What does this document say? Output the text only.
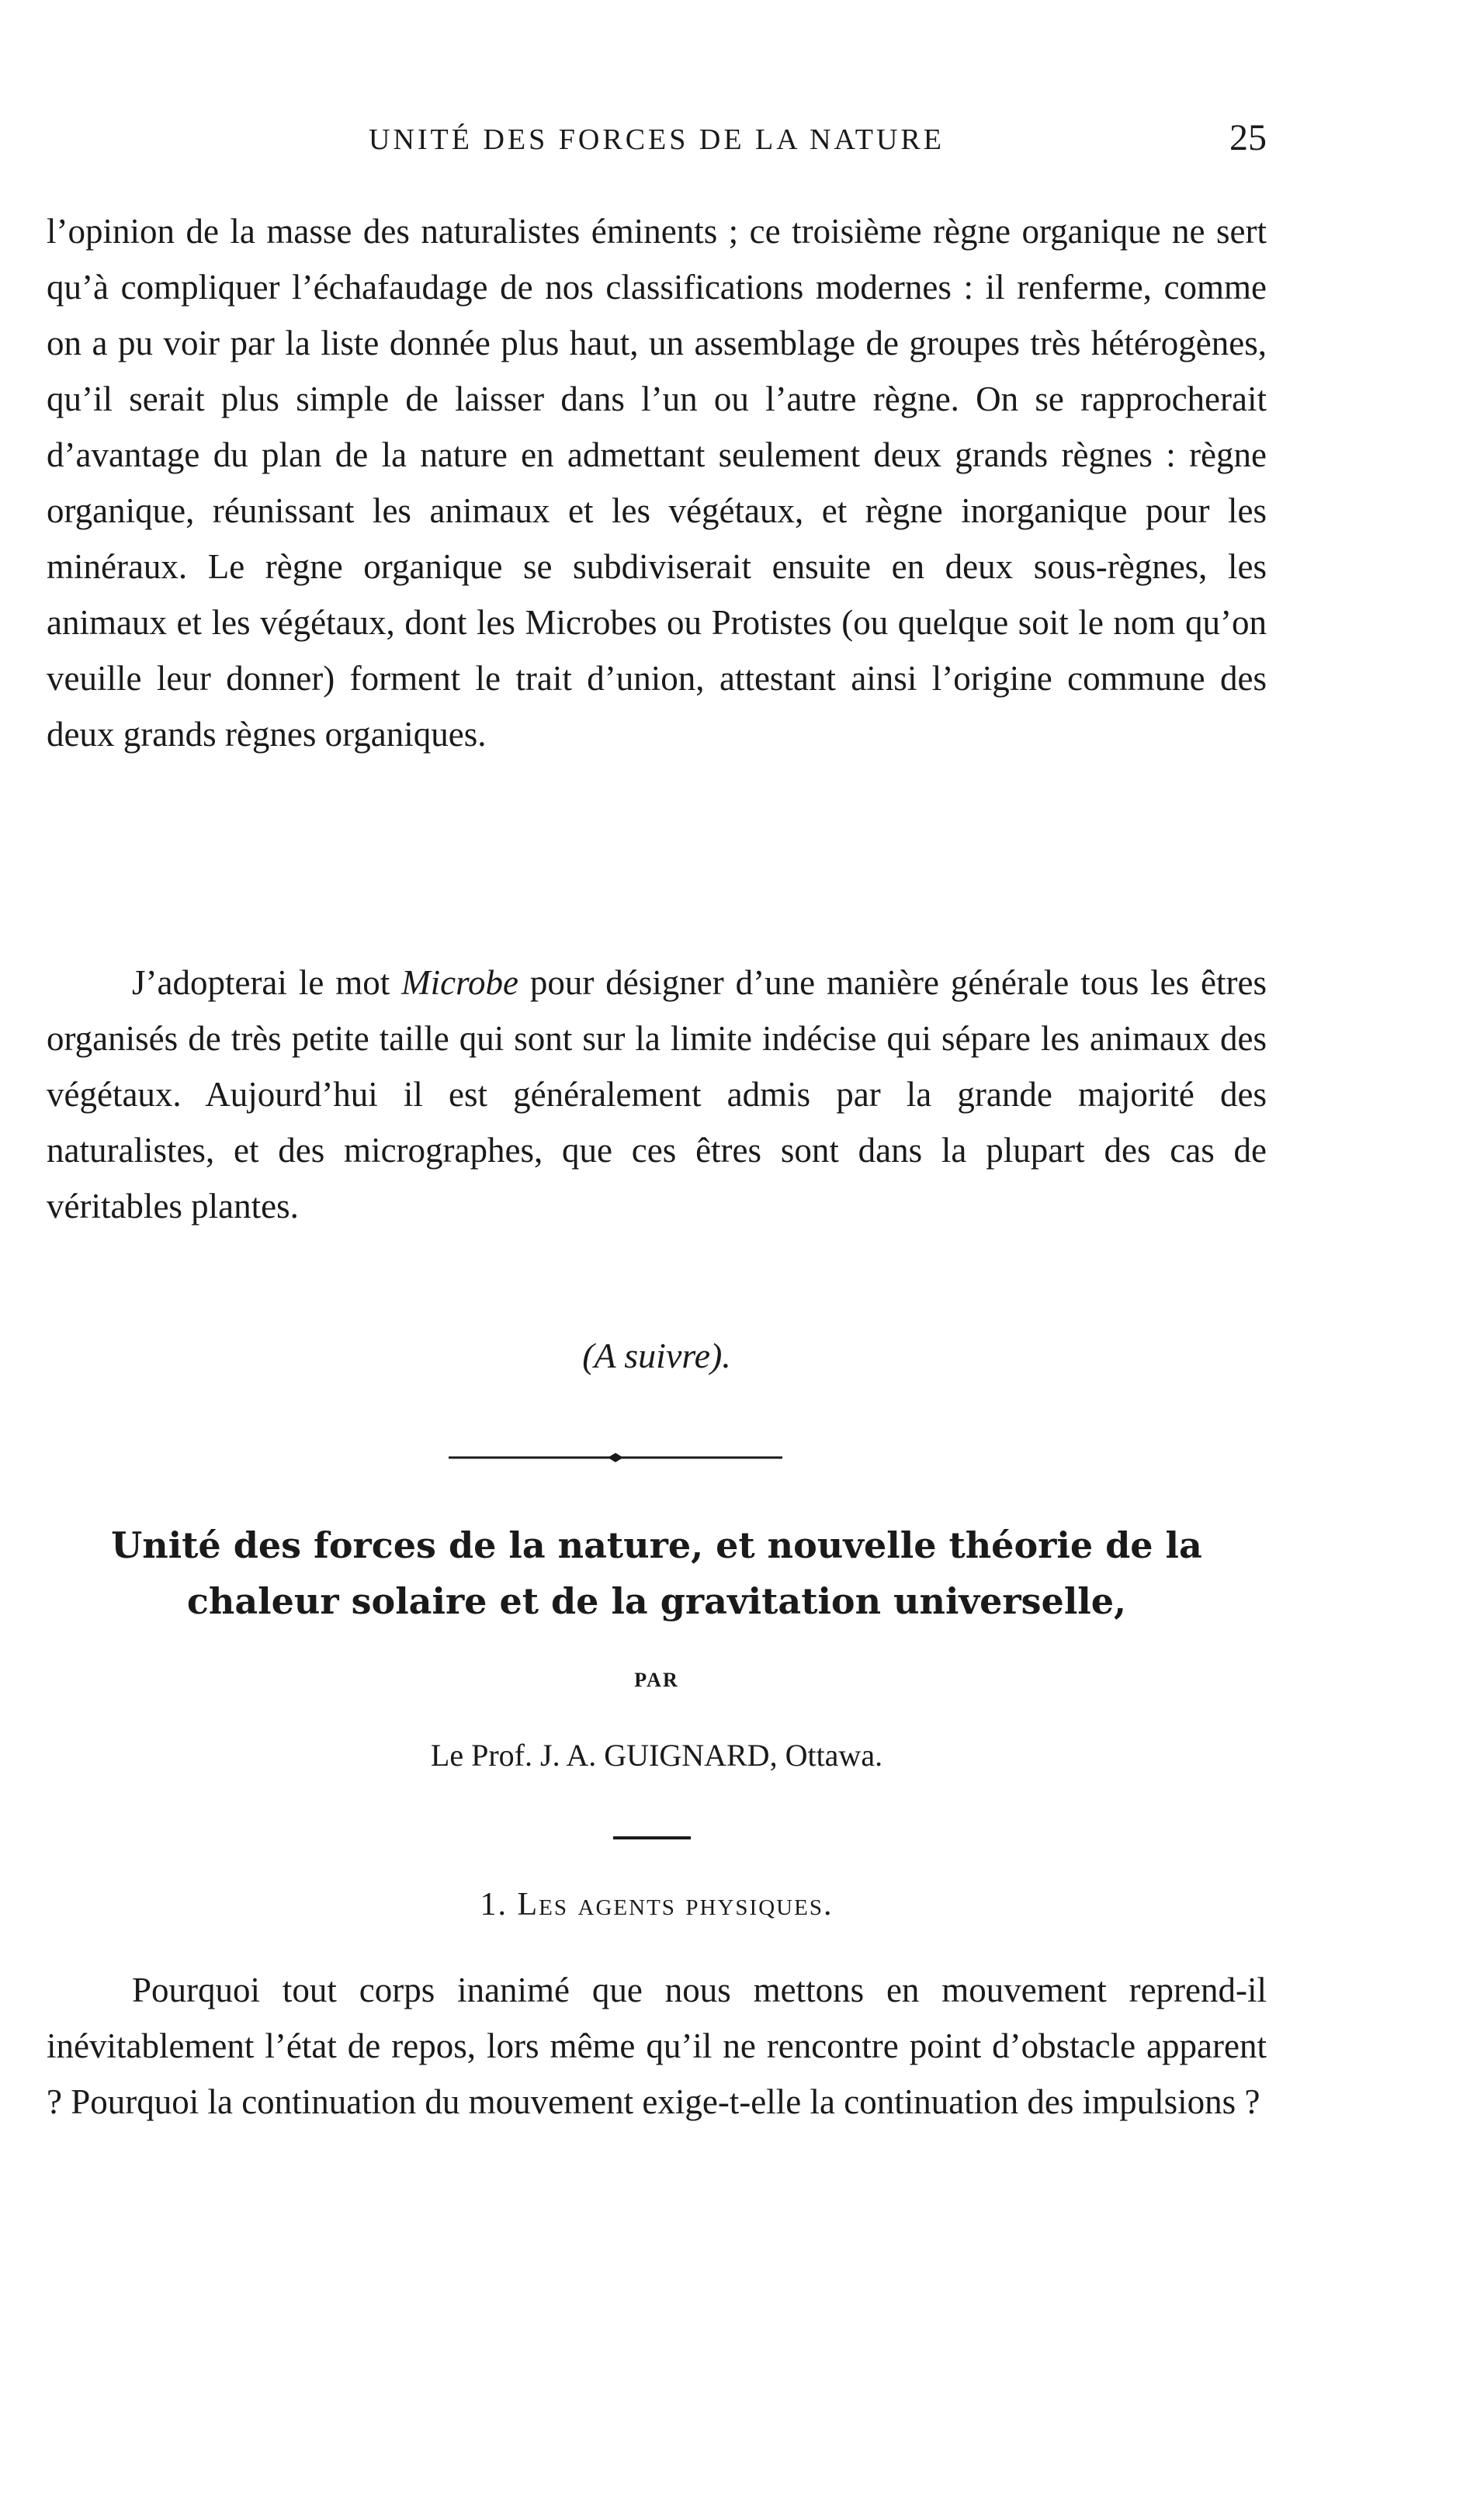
UNITÉ DES FORCES DE LA NATURE	25

l’opinion de la masse des naturalistes éminents ; ce troisième règne organique ne sert qu’à compliquer l’échafaudage de nos classifications modernes : il renferme, comme on a pu voir par la liste donnée plus haut, un assemblage de groupes très hétérogènes, qu’il serait plus simple de laisser dans l’un ou l’autre règne. On se rapprocherait d’avantage du plan de la nature en admettant seulement deux grands règnes : règne organique, réunissant les animaux et les végétaux, et règne inorganique pour les minéraux. Le règne organique se subdiviserait ensuite en deux sous-règnes, les animaux et les végétaux, dont les Microbes ou Protistes (ou quelque soit le nom qu’on veuille leur donner) forment le trait d’union, attestant ainsi l’origine commune des deux grands règnes organiques.

J’adopterai le mot Microbe pour désigner d’une manière générale tous les êtres organisés de très petite taille qui sont sur la limite indécise qui sépare les animaux des végétaux. Aujourd’hui il est généralement admis par la grande majorité des naturalistes, et des micrographes, que ces êtres sont dans la plupart des cas de véritables plantes.

(A suivre).
Unité des forces de la nature, et nouvelle théorie de la
chaleur solaire et de la gravitation universelle,
PAR
Le Prof. J. A. GUIGNARD, Ottawa.
1. Les agents physiques.

Pourquoi tout corps inanimé que nous mettons en mouvement reprend-il inévitablement l’état de repos, lors même qu’il ne rencontre point d’obstacle apparent ? Pourquoi la continuation du mouvement exige-t-elle la continuation des impulsions ?
